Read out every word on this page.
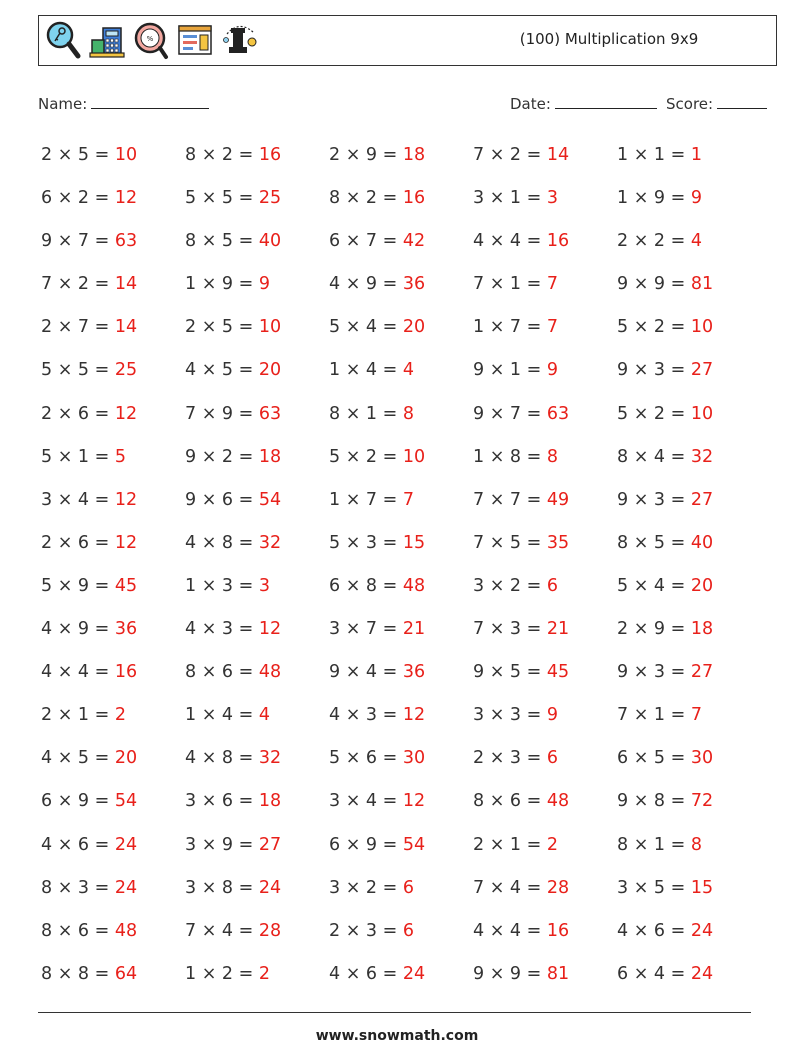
%	(100) Multiplication 9x9
Name:	Date:	Score:
2 × 5 = 10	8 × 2 = 16	2 × 9 = 18	7 × 2 = 14	1 × 1 = 1
6 × 2 = 12	5 × 5 = 25	8 × 2 = 16	3 × 1 = 3	1 × 9 = 9
9 × 7 = 63	8 × 5 = 40	6 × 7 = 42	4 × 4 = 16	2 × 2 = 4
7 × 2 = 14	1 × 9 = 9	4 × 9 = 36	7 × 1 = 7	9 × 9 = 81
2 × 7 = 14	2 × 5 = 10	5 × 4 = 20	1 × 7 = 7	5 × 2 = 10
5 × 5 = 25	4 × 5 = 20	1 × 4 = 4	9 × 1 = 9	9 × 3 = 27
2 × 6 = 12	7 × 9 = 63	8 × 1 = 8	9 × 7 = 63	5 × 2 = 10
5 × 1 = 5	9 × 2 = 18	5 × 2 = 10	1 × 8 = 8	8 × 4 = 32
3 × 4 = 12	9 × 6 = 54	1 × 7 = 7	7 × 7 = 49	9 × 3 = 27
2 × 6 = 12	4 × 8 = 32	5 × 3 = 15	7 × 5 = 35	8 × 5 = 40
5 × 9 = 45	1 × 3 = 3	6 × 8 = 48	3 × 2 = 6	5 × 4 = 20
4 × 9 = 36	4 × 3 = 12	3 × 7 = 21	7 × 3 = 21	2 × 9 = 18
4 × 4 = 16	8 × 6 = 48	9 × 4 = 36	9 × 5 = 45	9 × 3 = 27
2 × 1 = 2	1 × 4 = 4	4 × 3 = 12	3 × 3 = 9	7 × 1 = 7
4 × 5 = 20	4 × 8 = 32	5 × 6 = 30	2 × 3 = 6	6 × 5 = 30
6 × 9 = 54	3 × 6 = 18	3 × 4 = 12	8 × 6 = 48	9 × 8 = 72
4 × 6 = 24	3 × 9 = 27	6 × 9 = 54	2 × 1 = 2	8 × 1 = 8
8 × 3 = 24	3 × 8 = 24	3 × 2 = 6	7 × 4 = 28	3 × 5 = 15
8 × 6 = 48	7 × 4 = 28	2 × 3 = 6	4 × 4 = 16	4 × 6 = 24
8 × 8 = 64	1 × 2 = 2	4 × 6 = 24	9 × 9 = 81	6 × 4 = 24
www.snowmath.com
